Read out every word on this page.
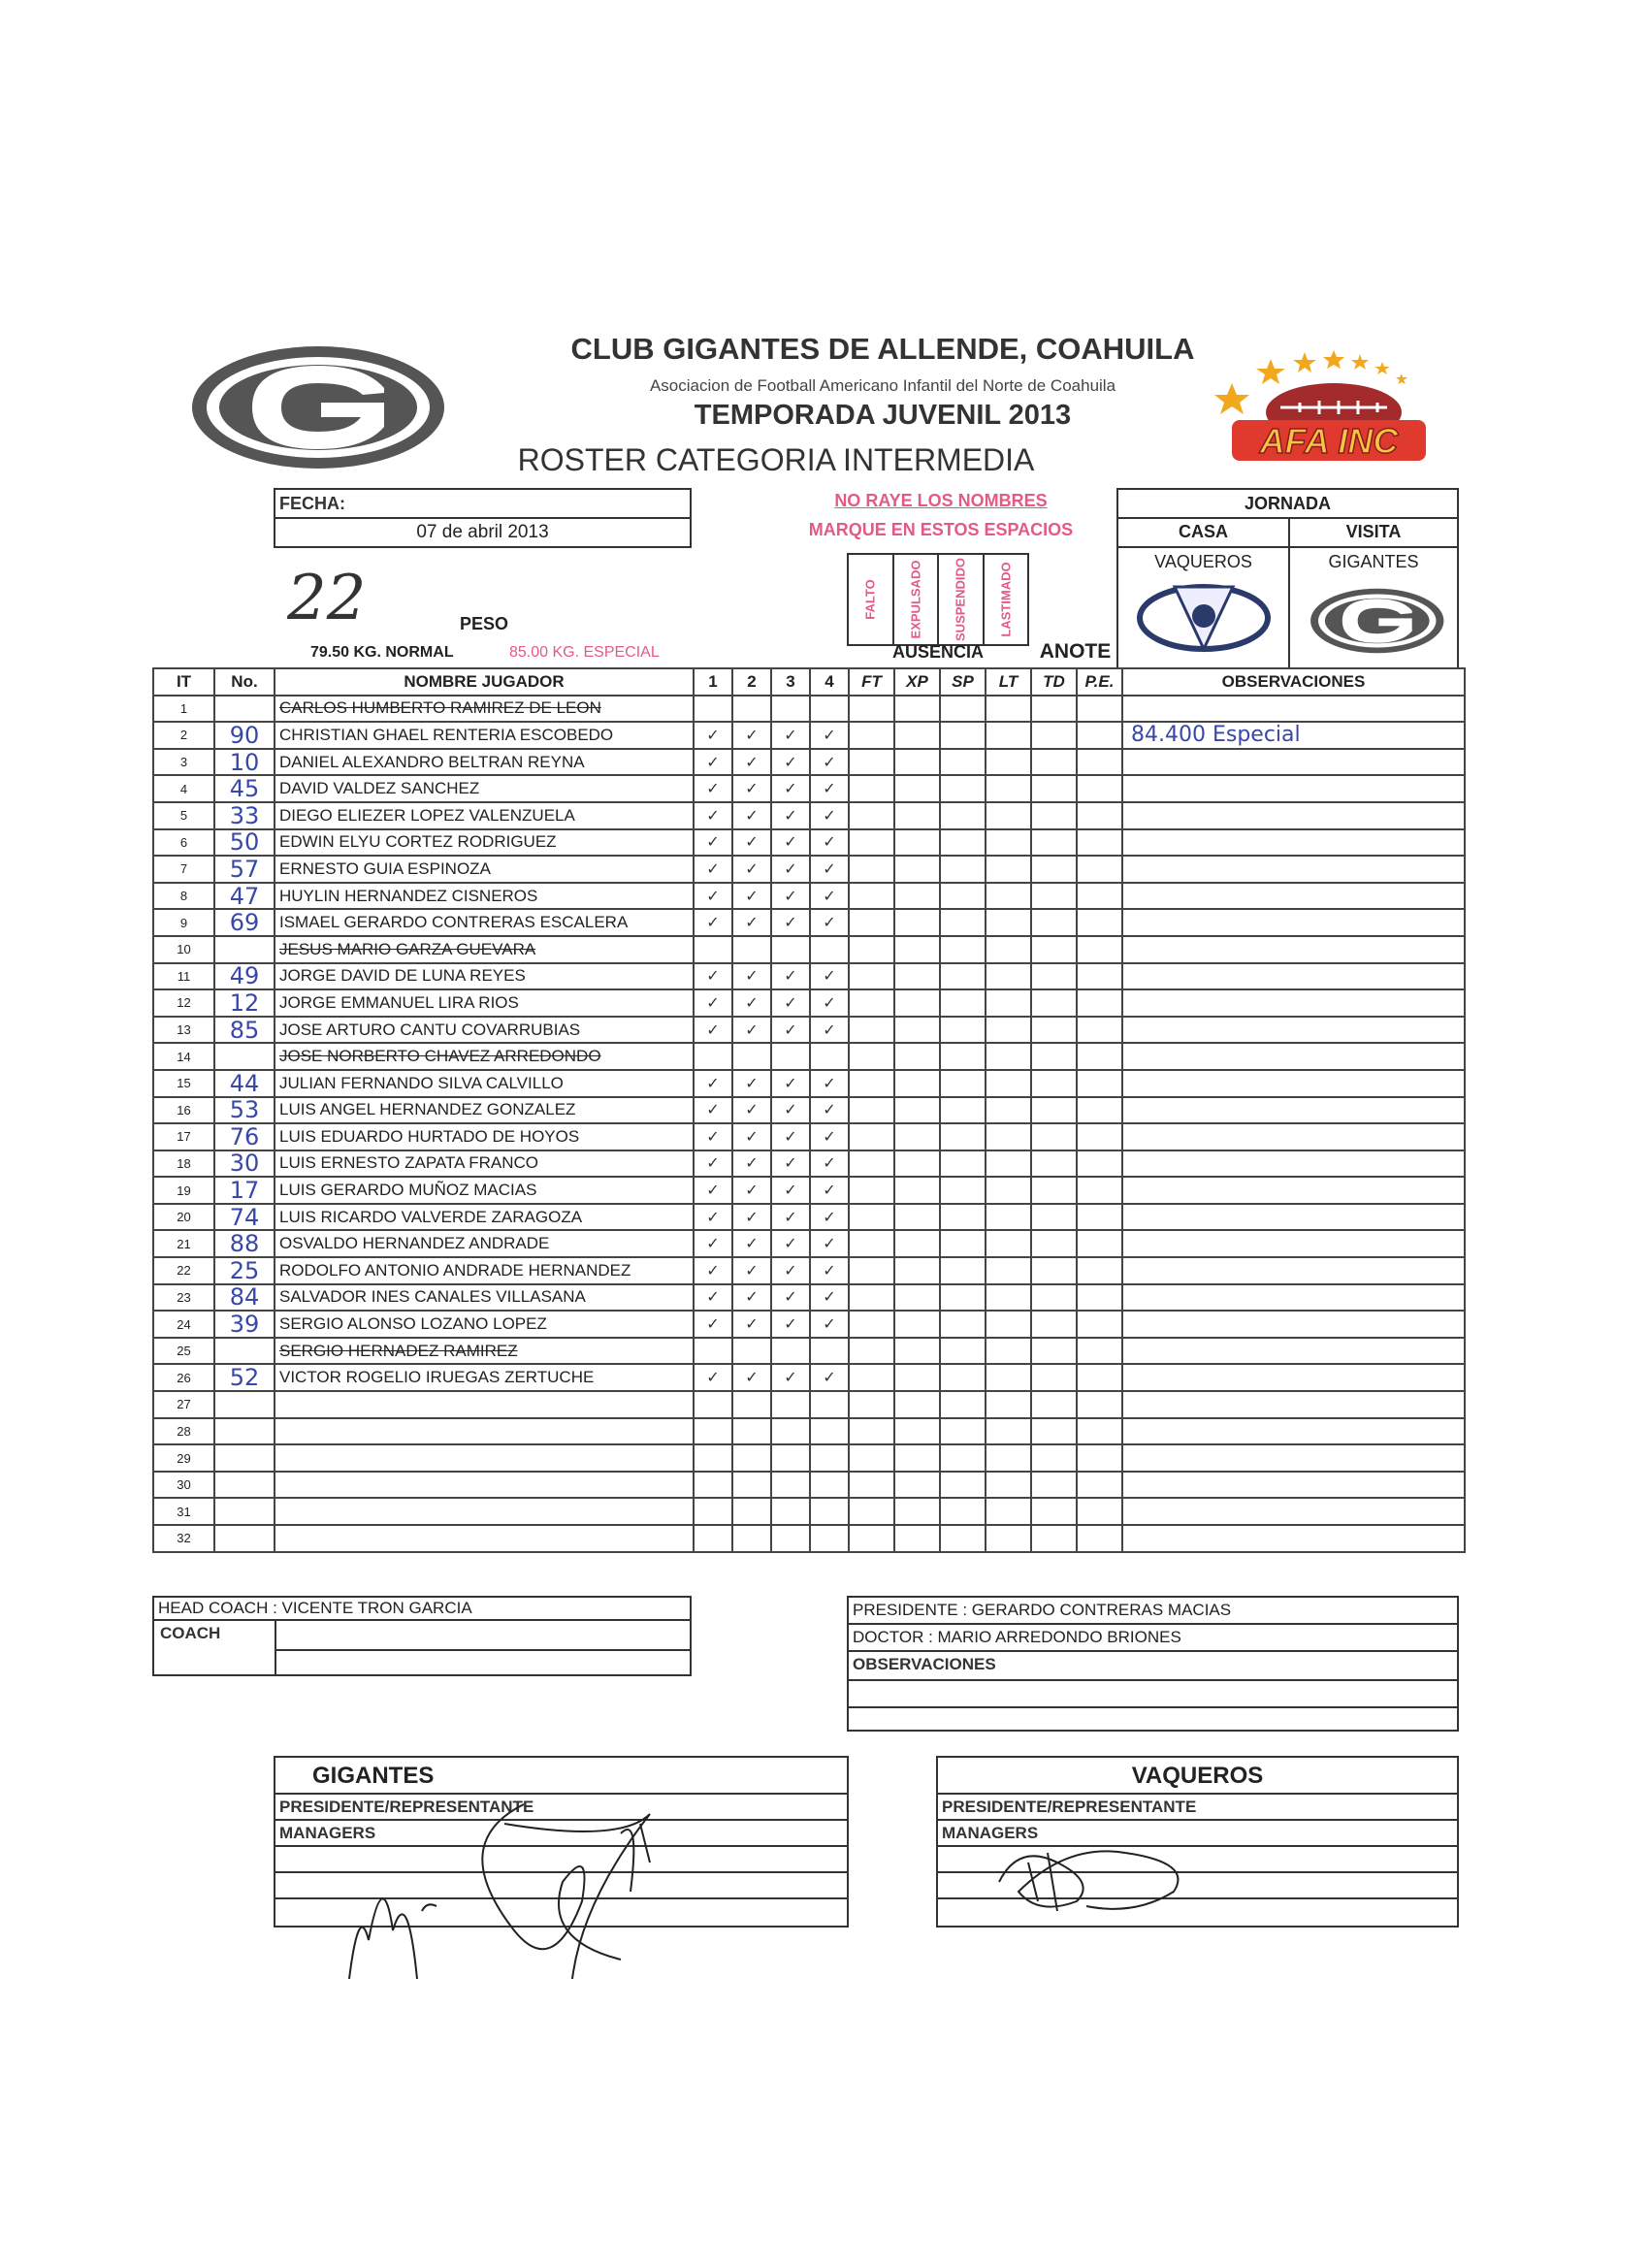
CLUB GIGANTES DE ALLENDE, COAHUILA
Asociacion de Football Americano Infantil del Norte de Coahuila
TEMPORADA JUVENIL 2013
ROSTER CATEGORIA INTERMEDIA	AFA INC
FECHA:
07 de abril 2013
NO RAYE LOS NOMBRES
MARQUE EN ESTOS ESPACIOS
22	PESO
79.50 KG. NORMAL	85.00 KG. ESPECIAL
FALTO EXPULSADO SUSPENDIDO LASTIMADO
AUSENCIA	ANOTE
JORNADA
CASA	VISITA
VAQUEROS	GIGANTES
IT	No.	NOMBRE JUGADOR	1	2	3	4	FT	XP	SP	LT	TD	P.E.	OBSERVACIONES
1		CARLOS HUMBERTO RAMIREZ DE LEON											
2	90	CHRISTIAN GHAEL RENTERIA ESCOBEDO	✓	✓	✓	✓							84.400 Especial
3	10	DANIEL ALEXANDRO BELTRAN REYNA	✓	✓	✓	✓							
4	45	DAVID VALDEZ SANCHEZ	✓	✓	✓	✓							
5	33	DIEGO ELIEZER LOPEZ VALENZUELA	✓	✓	✓	✓							
6	50	EDWIN ELYU CORTEZ RODRIGUEZ	✓	✓	✓	✓							
7	57	ERNESTO GUIA ESPINOZA	✓	✓	✓	✓							
8	47	HUYLIN HERNANDEZ CISNEROS	✓	✓	✓	✓							
9	69	ISMAEL GERARDO CONTRERAS ESCALERA	✓	✓	✓	✓							
10		JESUS MARIO GARZA GUEVARA											
11	49	JORGE DAVID DE LUNA REYES	✓	✓	✓	✓							
12	12	JORGE EMMANUEL LIRA RIOS	✓	✓	✓	✓							
13	85	JOSE ARTURO CANTU COVARRUBIAS	✓	✓	✓	✓							
14		JOSE NORBERTO CHAVEZ ARREDONDO											
15	44	JULIAN FERNANDO SILVA CALVILLO	✓	✓	✓	✓							
16	53	LUIS ANGEL HERNANDEZ GONZALEZ	✓	✓	✓	✓							
17	76	LUIS EDUARDO HURTADO DE HOYOS	✓	✓	✓	✓							
18	30	LUIS ERNESTO ZAPATA FRANCO	✓	✓	✓	✓							
19	17	LUIS GERARDO MUÑOZ MACIAS	✓	✓	✓	✓							
20	74	LUIS RICARDO VALVERDE ZARAGOZA	✓	✓	✓	✓							
21	88	OSVALDO HERNANDEZ ANDRADE	✓	✓	✓	✓							
22	25	RODOLFO ANTONIO ANDRADE HERNANDEZ	✓	✓	✓	✓							
23	84	SALVADOR INES CANALES VILLASANA	✓	✓	✓	✓							
24	39	SERGIO ALONSO LOZANO LOPEZ	✓	✓	✓	✓							
25		SERGIO HERNADEZ RAMIREZ											
26	52	VICTOR ROGELIO IRUEGAS ZERTUCHE	✓	✓	✓	✓							
27													
28													
29													
30													
31													
32													
HEAD COACH : VICENTE TRON GARCIA
COACH
PRESIDENTE : GERARDO CONTRERAS MACIAS
DOCTOR : MARIO ARREDONDO BRIONES
OBSERVACIONES
GIGANTES
PRESIDENTE/REPRESENTANTE
MANAGERS
VAQUEROS
PRESIDENTE/REPRESENTANTE
MANAGERS
